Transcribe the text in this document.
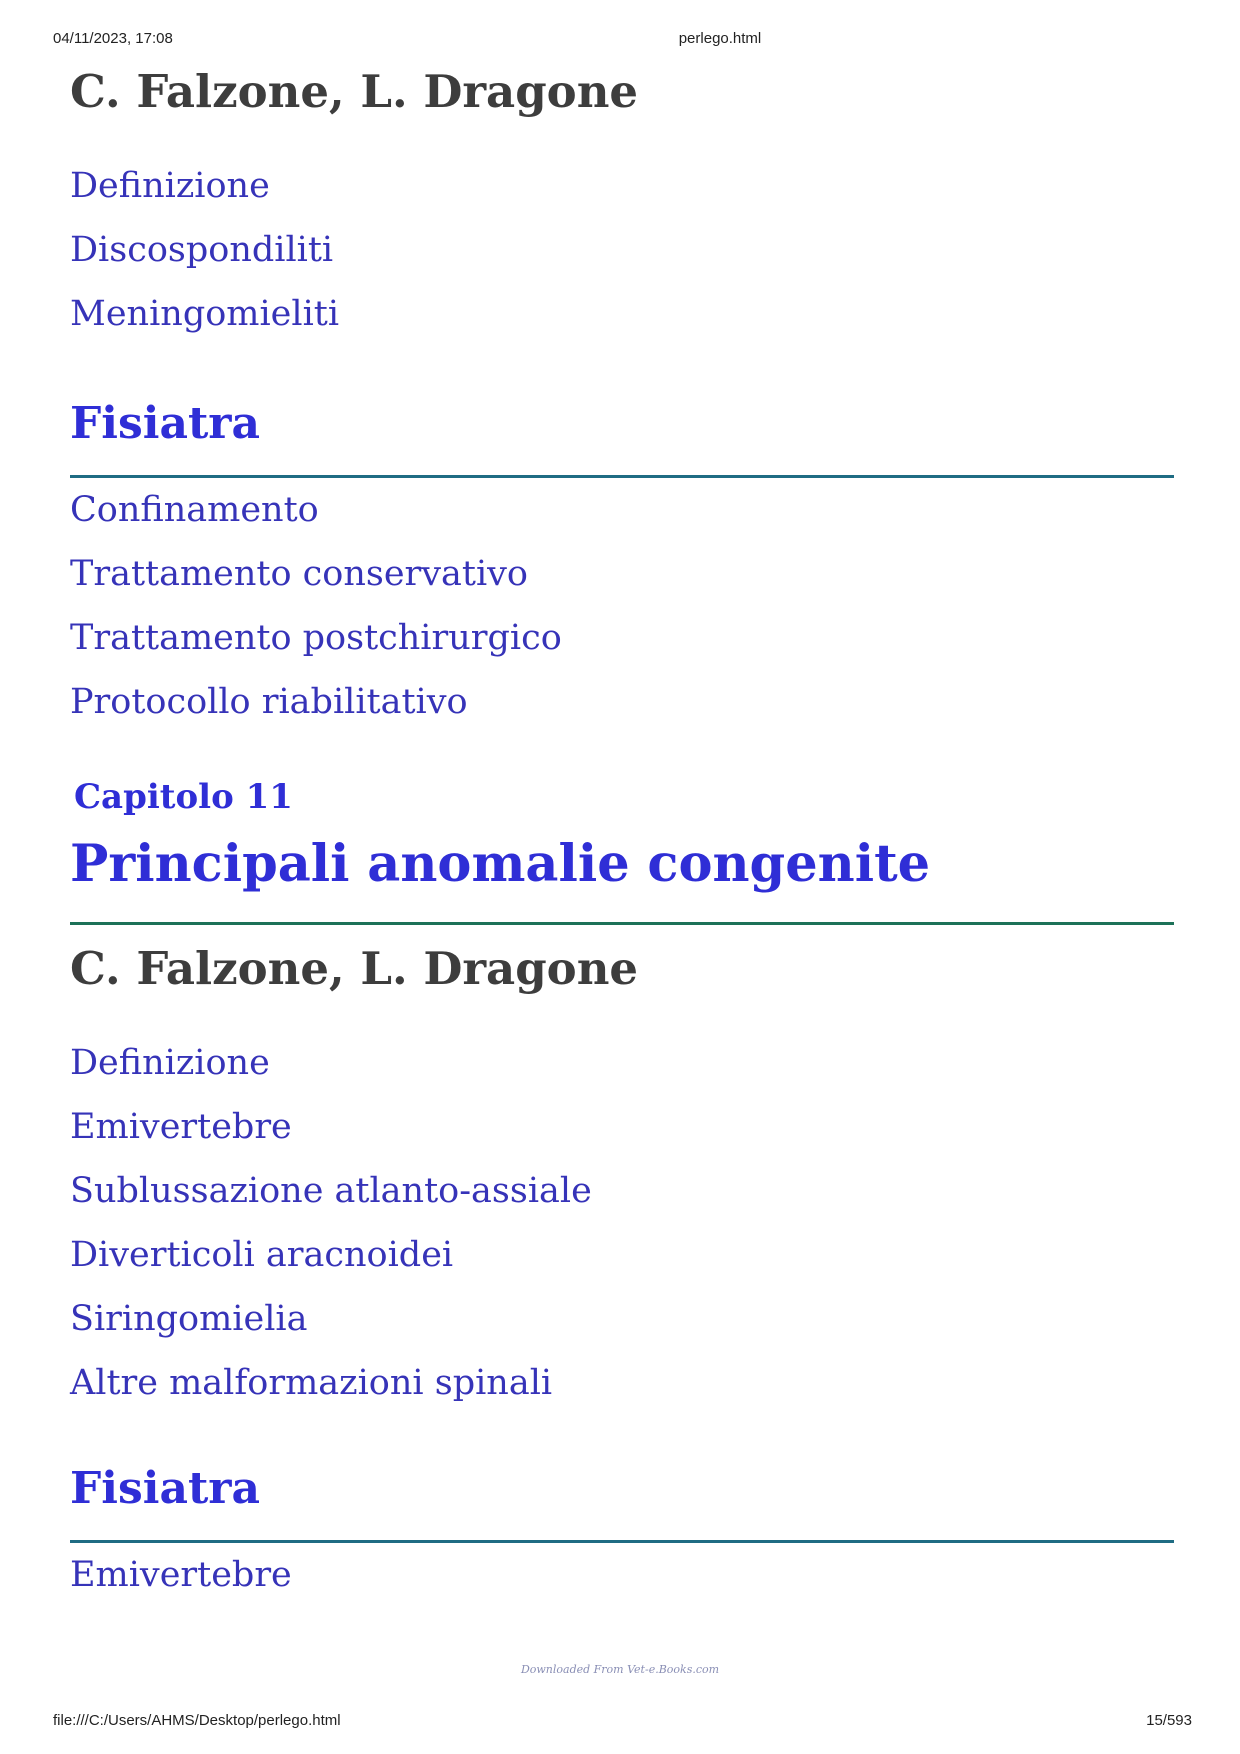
04/11/2023, 17:08	perlego.html
C. Falzone, L. Dragone
Definizione
Discospondiliti
Meningomieliti
Fisiatra
Confinamento
Trattamento conservativo
Trattamento postchirurgico
Protocollo riabilitativo
Capitolo 11
Principali anomalie congenite
C. Falzone, L. Dragone
Definizione
Emivertebre
Sublussazione atlanto-assiale
Diverticoli aracnoidei
Siringomielia
Altre malformazioni spinali
Fisiatra
Emivertebre
Downloaded From Vet-e.Books.com
file:///C:/Users/AHMS/Desktop/perlego.html	15/593
